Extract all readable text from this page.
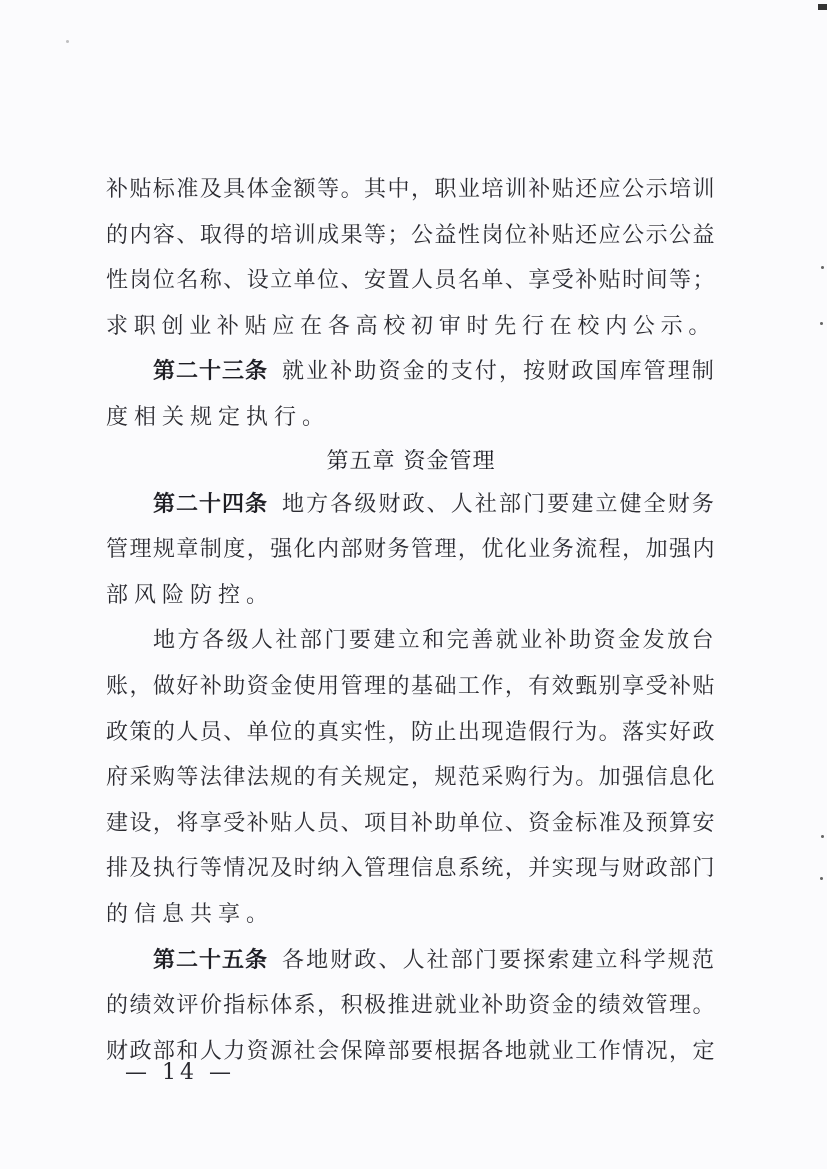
补贴标准及具体金额等。其中，职业培训补贴还应公示培训
的内容、取得的培训成果等；公益性岗位补贴还应公示公益
性岗位名称、设立单位、安置人员名单、享受补贴时间等；
求职创业补贴应在各高校初审时先行在校内公示。
第二十三条 就业补助资金的支付，按财政国库管理制
度相关规定执行。
第五章 资金管理
第二十四条 地方各级财政、人社部门要建立健全财务
管理规章制度，强化内部财务管理，优化业务流程，加强内
部风险防控。
地方各级人社部门要建立和完善就业补助资金发放台
账，做好补助资金使用管理的基础工作，有效甄别享受补贴
政策的人员、单位的真实性，防止出现造假行为。落实好政
府采购等法律法规的有关规定，规范采购行为。加强信息化
建设，将享受补贴人员、项目补助单位、资金标准及预算安
排及执行等情况及时纳入管理信息系统，并实现与财政部门
的信息共享。
第二十五条 各地财政、人社部门要探索建立科学规范
的绩效评价指标体系，积极推进就业补助资金的绩效管理。
财政部和人力资源社会保障部要根据各地就业工作情况，定
— 14 —
